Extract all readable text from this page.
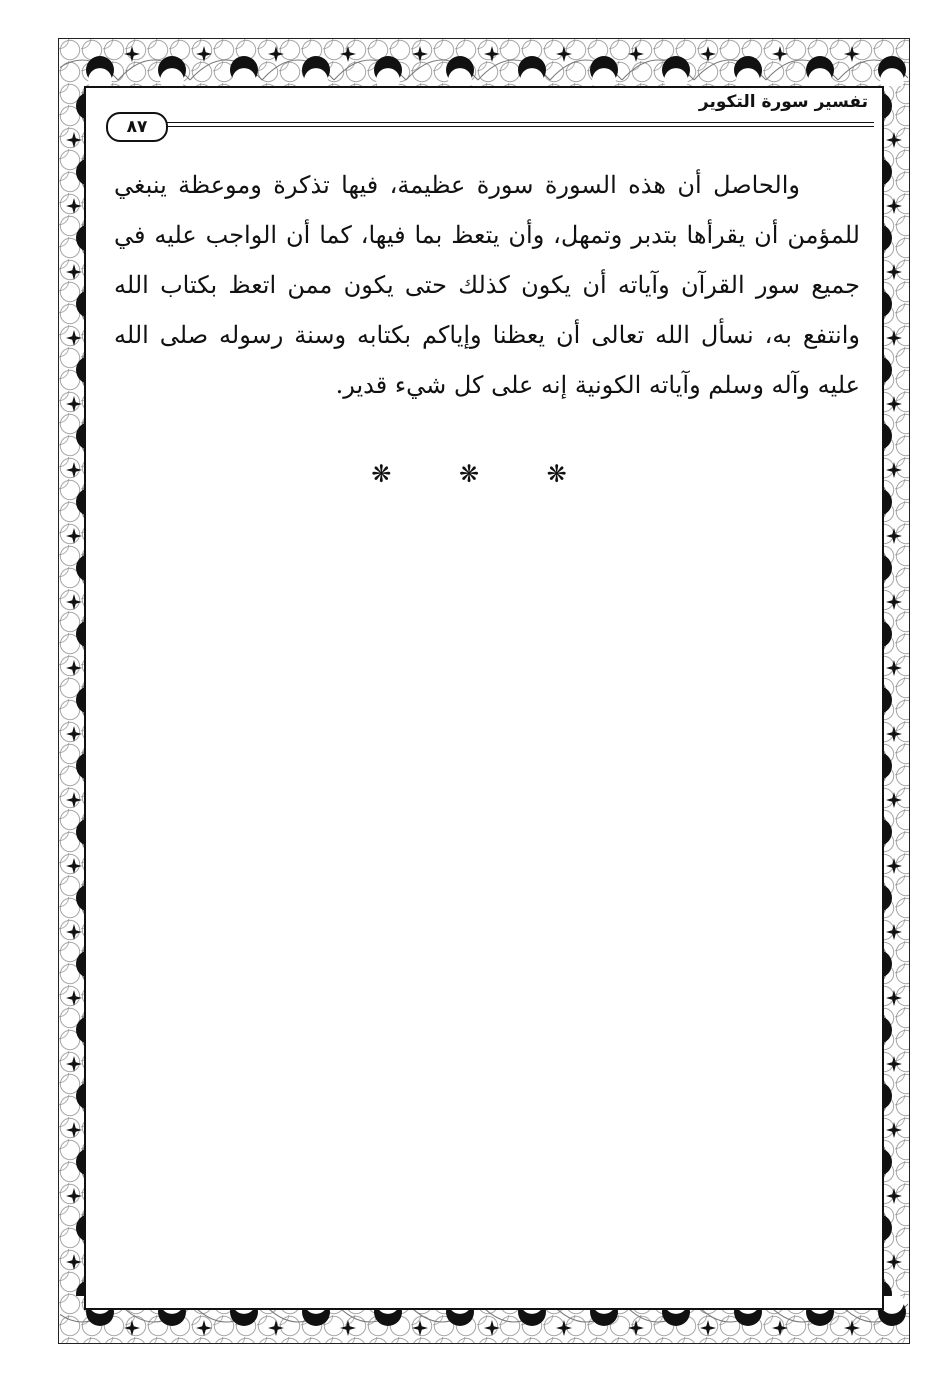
تفسير سورة التكوير
٨٧

والحاصل أن هذه السورة سورة عظيمة، فيها تذكرة وموعظة ينبغي للمؤمن أن يقرأها بتدبر وتمهل، وأن يتعظ بما فيها، كما أن الواجب عليه في جميع سور القرآن وآياته أن يكون كذلك حتى يكون ممن اتعظ بكتاب الله وانتفع به، نسأل الله تعالى أن يعظنا وإياكم بكتابه وسنة رسوله صلى الله عليه وآله وسلم وآياته الكونية إنه على كل شيء قدير.

❋ ❋ ❋
